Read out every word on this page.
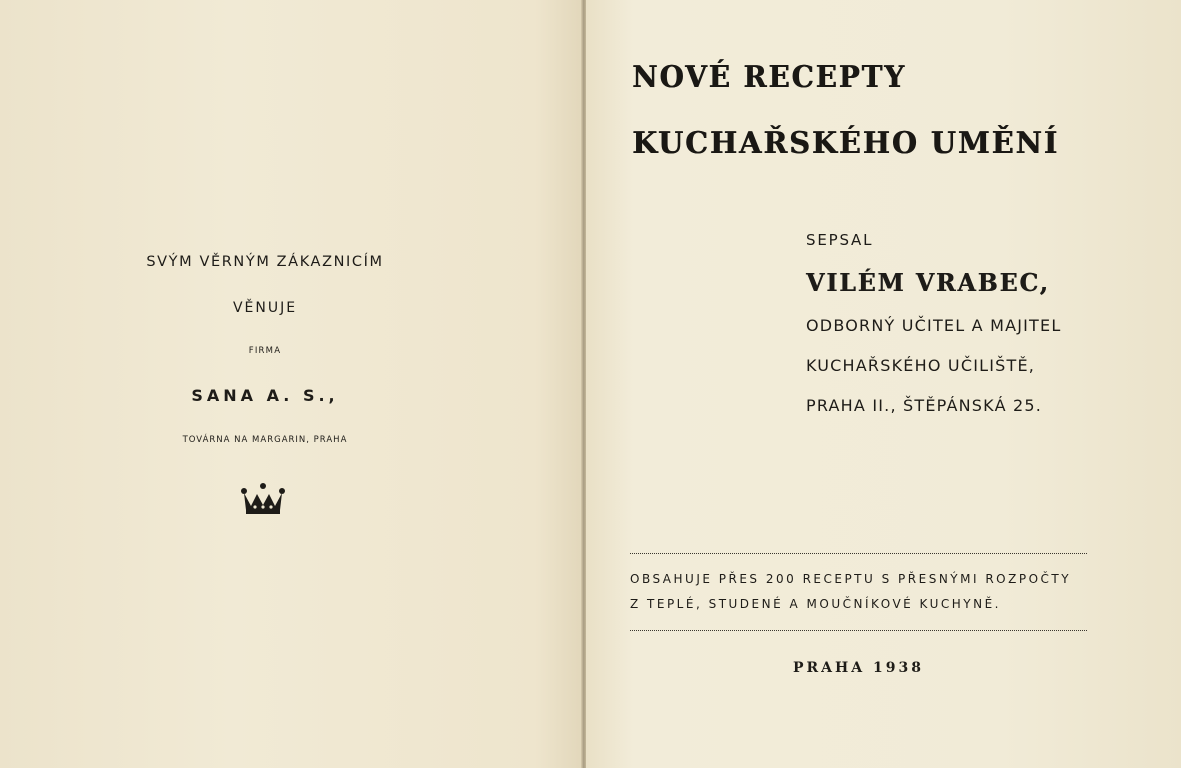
SVÝM VĚRNÝM ZÁKAZNICÍM
VĚNUJE
FIRMA
SANA A. S.,
TOVÁRNA NA MARGARIN, PRAHA
NOVÉ RECEPTY
KUCHAŘSKÉHO UMĚNÍ
SEPSAL
VILÉM VRABEC,
ODBORNÝ UČITEL A MAJITEL
KUCHAŘSKÉHO UČILIŠTĚ,
PRAHA II., ŠTĚPÁNSKÁ 25.
OBSAHUJE PŘES 200 RECEPTU S PŘESNÝMI ROZPOČTY
Z TEPLÉ, STUDENÉ A MOUČNÍKOVÉ KUCHYNĚ.
PRAHA 1938
